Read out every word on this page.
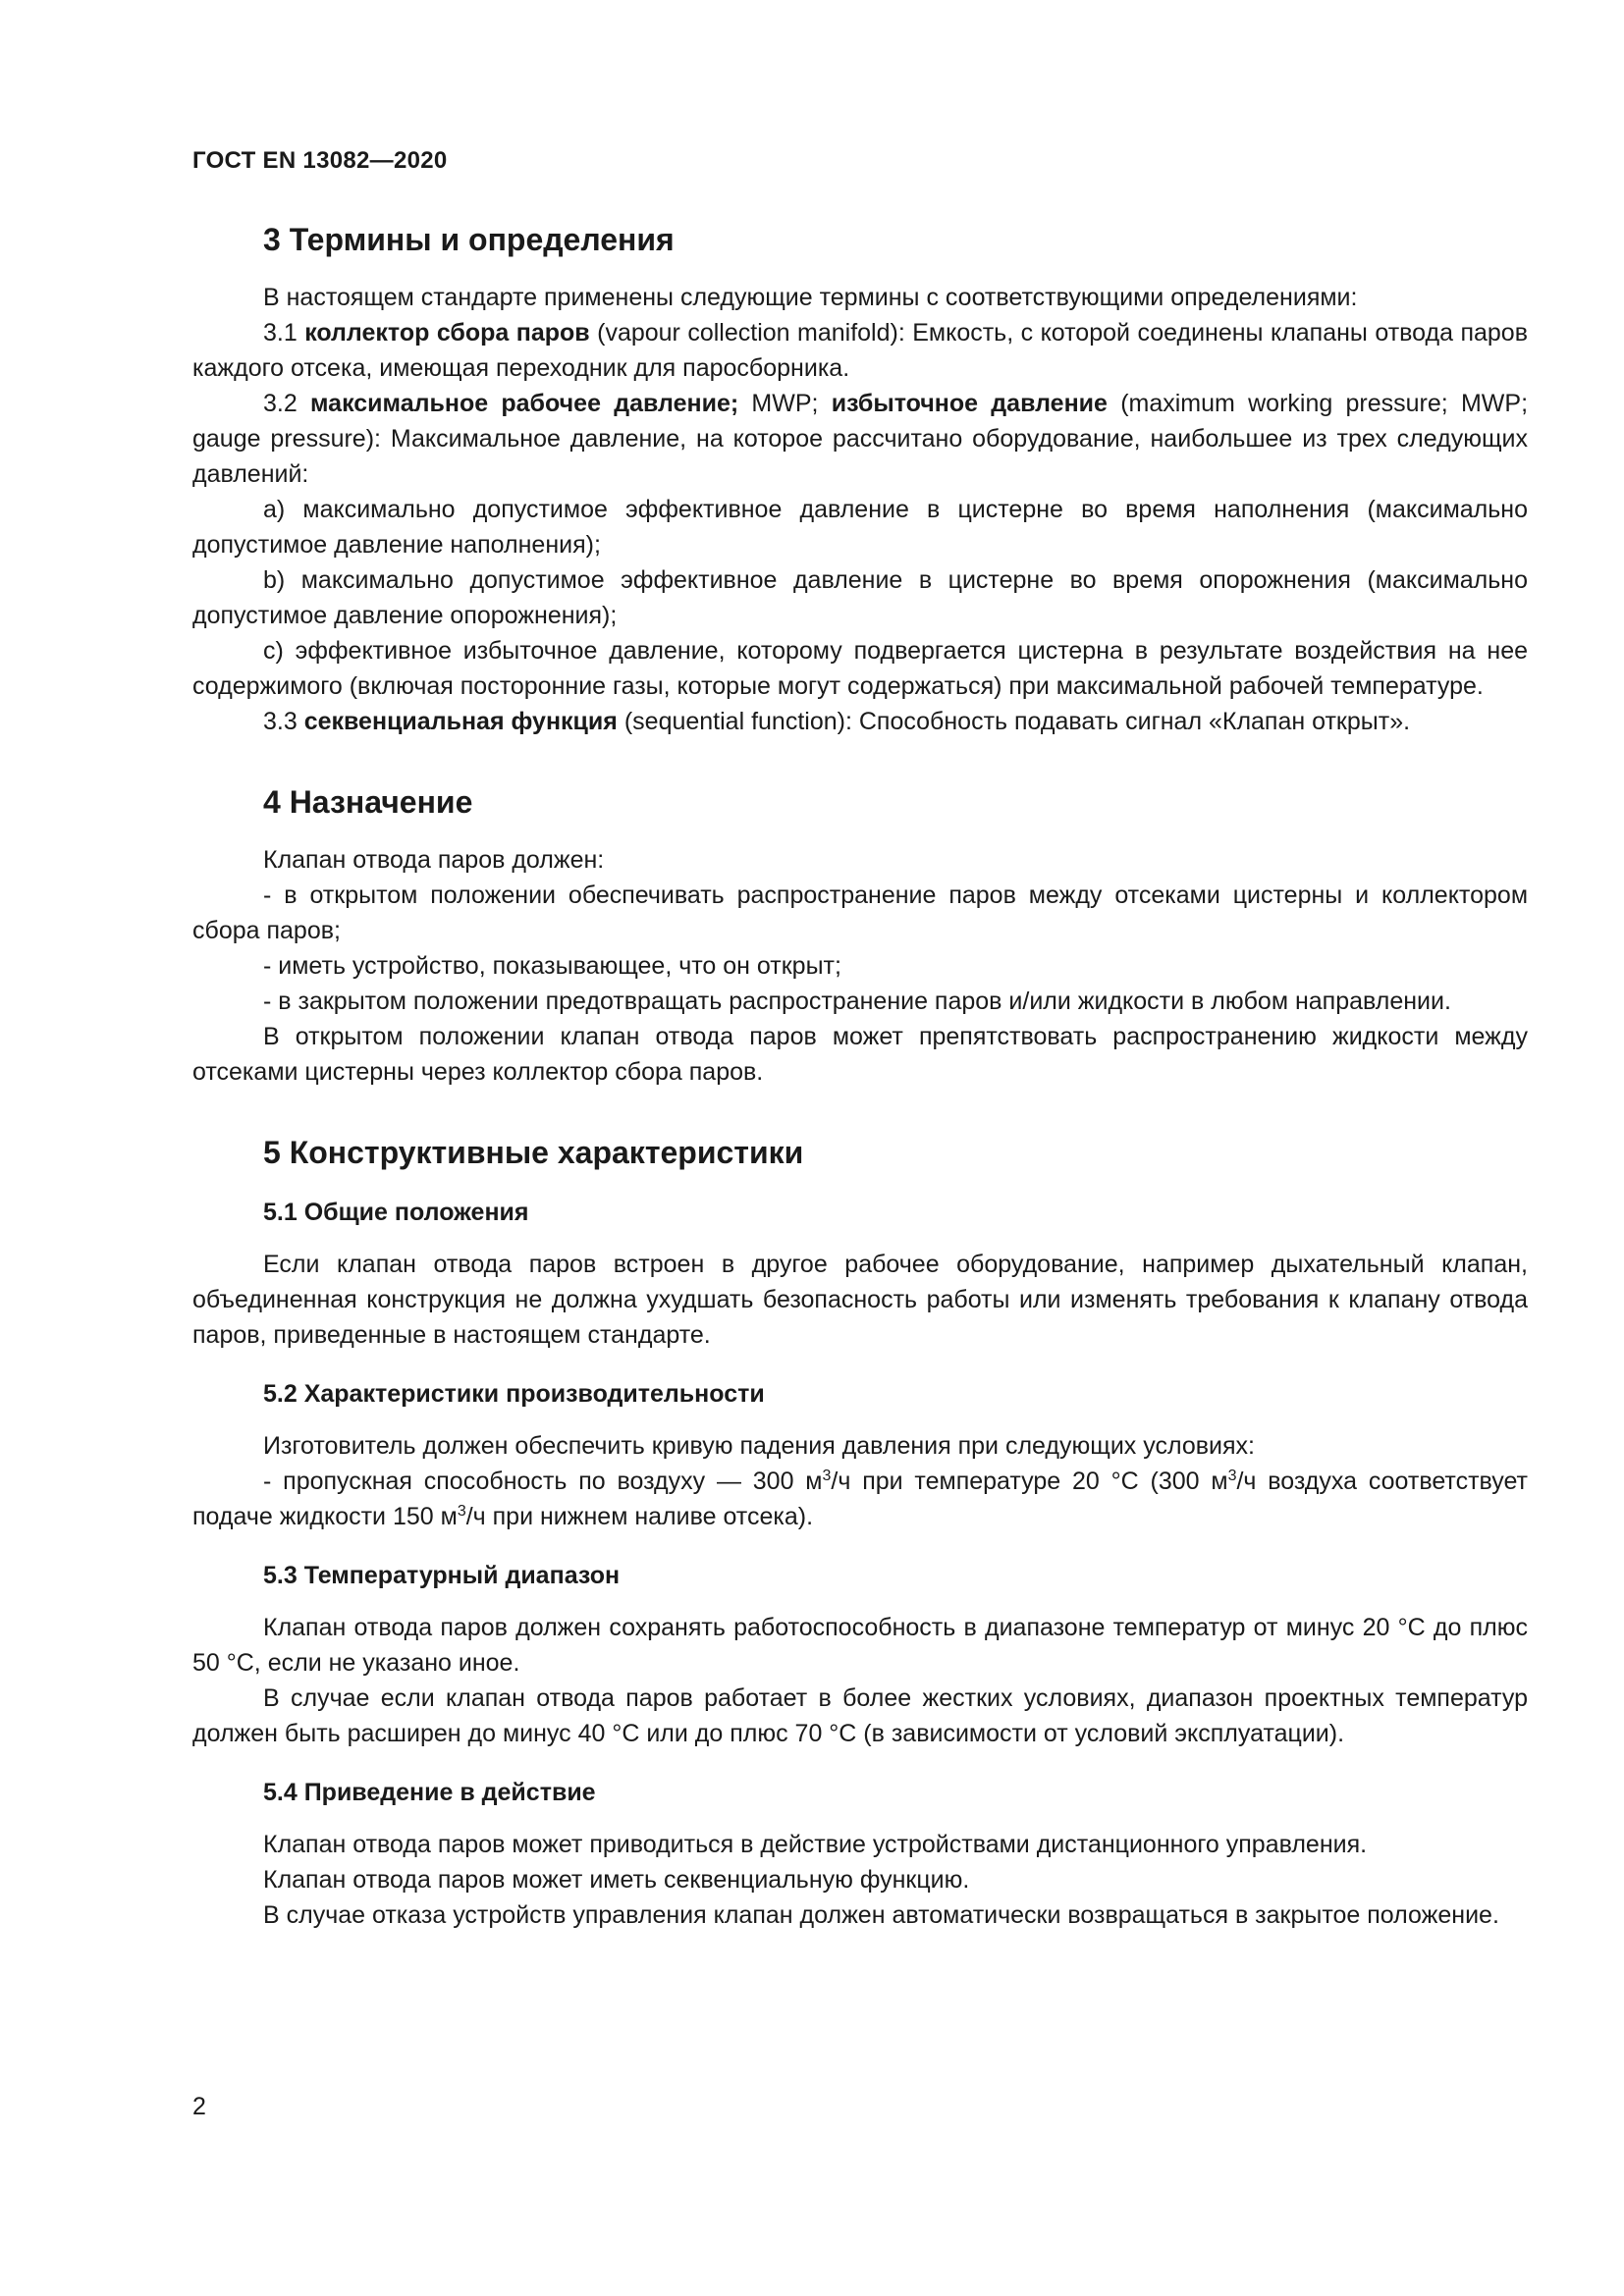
ГОСТ EN 13082—2020
3 Термины и определения

В настоящем стандарте применены следующие термины с соответствующими определениями:

3.1 коллектор сбора паров (vapour collection manifold): Емкость, с которой соединены клапаны отвода паров каждого отсека, имеющая переходник для паросборника.

3.2 максимальное рабочее давление; MWP; избыточное давление (maximum working pressure; MWP; gauge pressure): Максимальное давление, на которое рассчитано оборудование, наибольшее из трех следующих давлений:

a) максимально допустимое эффективное давление в цистерне во время наполнения (максимально допустимое давление наполнения);

b) максимально допустимое эффективное давление в цистерне во время опорожнения (максимально допустимое давление опорожнения);

c) эффективное избыточное давление, которому подвергается цистерна в результате воздействия на нее содержимого (включая посторонние газы, которые могут содержаться) при максимальной рабочей температуре.

3.3 секвенциальная функция (sequential function): Способность подавать сигнал «Клапан открыт».

4 Назначение

Клапан отвода паров должен:

- в открытом положении обеспечивать распространение паров между отсеками цистерны и коллектором сбора паров;

- иметь устройство, показывающее, что он открыт;

- в закрытом положении предотвращать распространение паров и/или жидкости в любом направлении.

В открытом положении клапан отвода паров может препятствовать распространению жидкости между отсеками цистерны через коллектор сбора паров.

5 Конструктивные характеристики
5.1 Общие положения

Если клапан отвода паров встроен в другое рабочее оборудование, например дыхательный клапан, объединенная конструкция не должна ухудшать безопасность работы или изменять требования к клапану отвода паров, приведенные в настоящем стандарте.

5.2 Характеристики производительности

Изготовитель должен обеспечить кривую падения давления при следующих условиях:

- пропускная способность по воздуху — 300 $м^3/ч$ при температуре 20 °С (300 $м^3/ч$ воздуха соответствует подаче жидкости 150 $м^3/ч$ при нижнем наливе отсека).

5.3 Температурный диапазон

Клапан отвода паров должен сохранять работоспособность в диапазоне температур от минус 20 °С до плюс 50 °С, если не указано иное.

В случае если клапан отвода паров работает в более жестких условиях, диапазон проектных температур должен быть расширен до минус 40 °С или до плюс 70 °С (в зависимости от условий эксплуатации).

5.4 Приведение в действие

Клапан отвода паров может приводиться в действие устройствами дистанционного управления.

Клапан отвода паров может иметь секвенциальную функцию.

В случае отказа устройств управления клапан должен автоматически возвращаться в закрытое положение.

2
